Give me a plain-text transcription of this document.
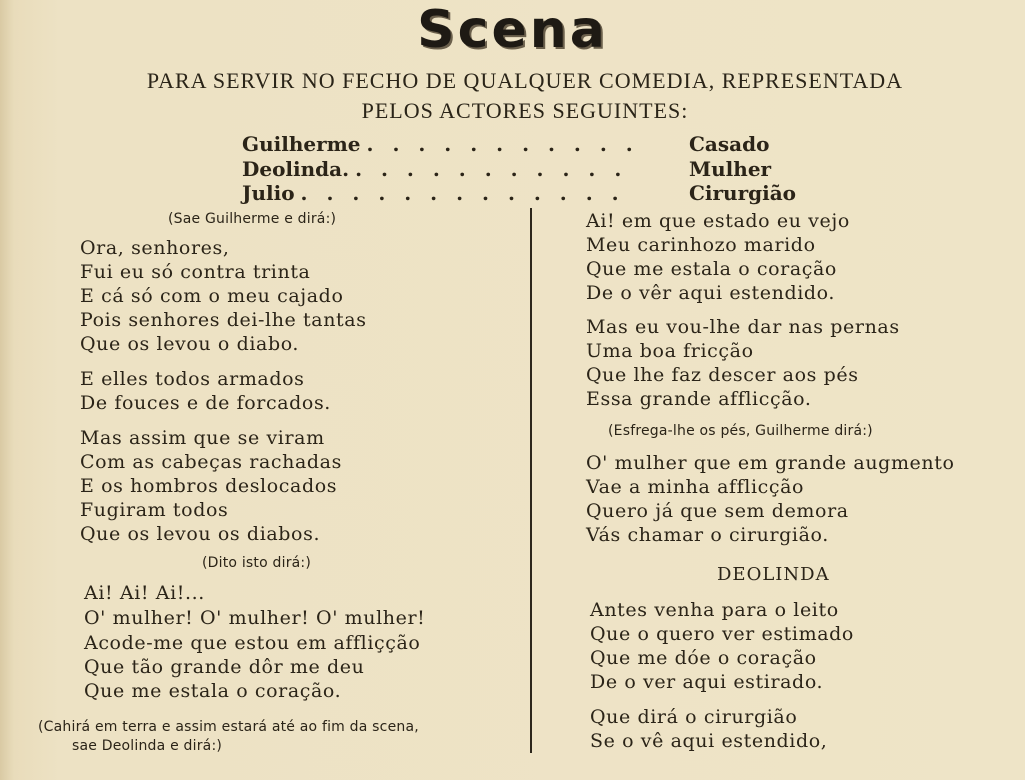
Scena
PARA SERVIR NO FECHO DE QUALQUER COMEDIA, REPRESENTADA
PELOS ACTORES SEGUINTES:
Guilherme . . . . . . . . . . .	Casado
Deolinda. . . . . . . . . . . .	Mulher
Julio . . . . . . . . . . . . .	Cirurgião
(Sae Guilherme e dirá:)
Ora, senhores,
Fui eu só contra trinta
E cá só com o meu cajado
Pois senhores dei-lhe tantas
Que os levou o diabo.
E elles todos armados
De fouces e de forcados.
Mas assim que se viram
Com as cabeças rachadas
E os hombros deslocados
Fugiram todos
Que os levou os diabos.
(Dito isto dirá:)
Ai! Ai! Ai!...
O' mulher! O' mulher! O' mulher!
Acode-me que estou em affliçção
Que tão grande dôr me deu
Que me estala o coração.
(Cahirá em terra e assim estará até ao fim da scena,
sae Deolinda e dirá:)
Ai! em que estado eu vejo
Meu carinhozo marido
Que me estala o coração
De o vêr aqui estendido.
Mas eu vou-lhe dar nas pernas
Uma boa fricção
Que lhe faz descer aos pés
Essa grande afflicção.
(Esfrega-lhe os pés, Guilherme dirá:)
O' mulher que em grande augmento
Vae a minha afflicção
Quero já que sem demora
Vás chamar o cirurgião.
DEOLINDA
Antes venha para o leito
Que o quero ver estimado
Que me dóe o coração
De o ver aqui estirado.
Que dirá o cirurgião
Se o vê aqui estendido,
